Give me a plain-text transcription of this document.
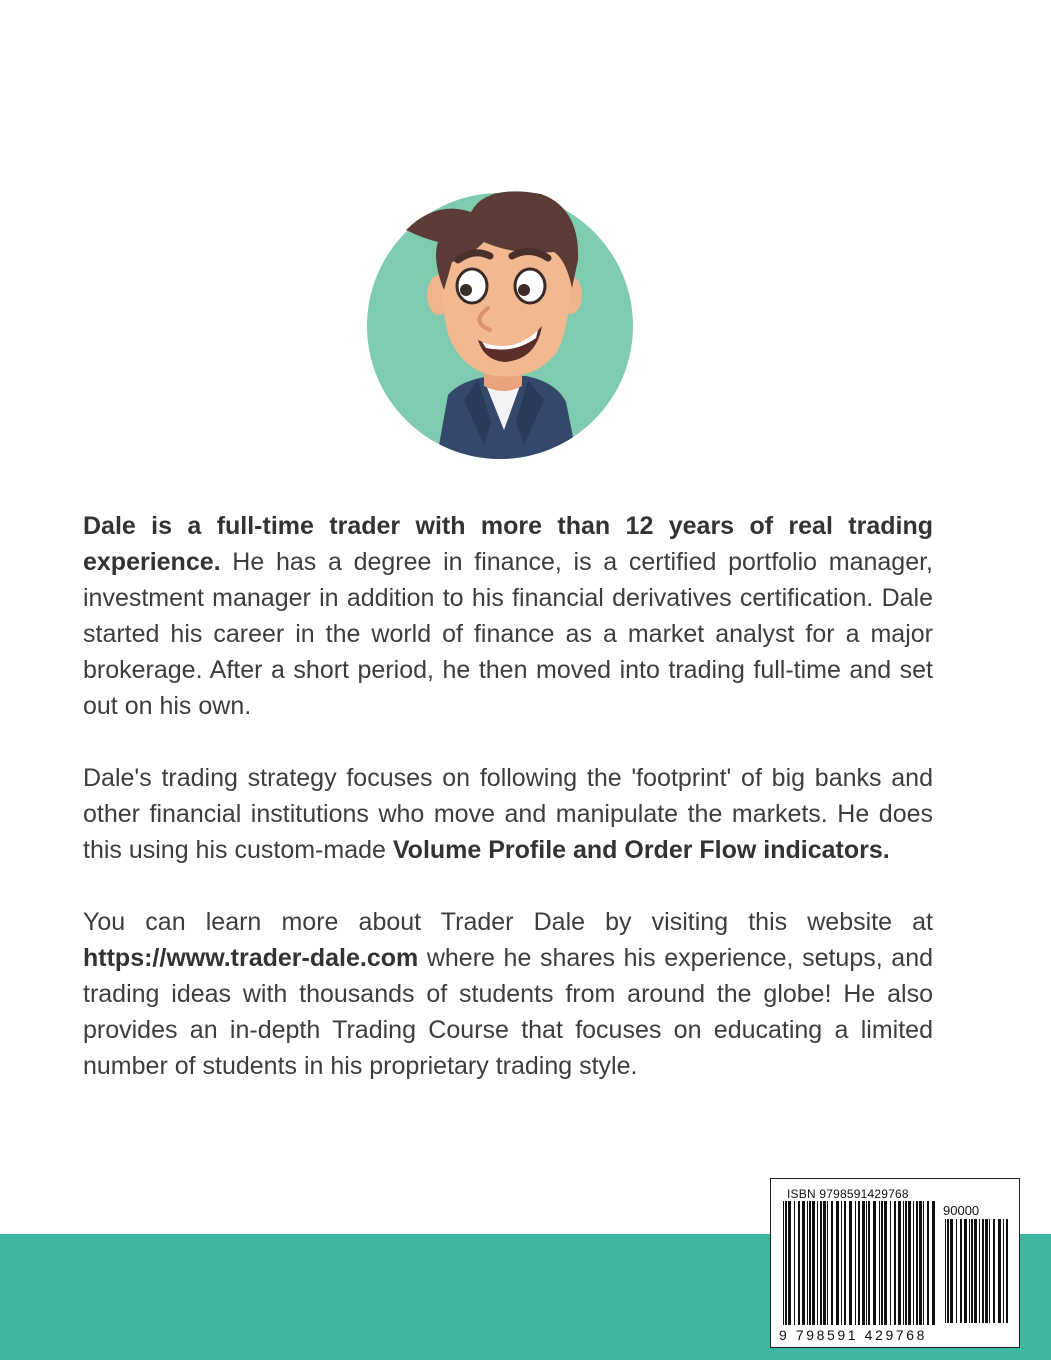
Dale is a full-time trader with more than 12 years of real trading experience. He has a degree in finance, is a certified portfolio manager, investment manager in addition to his financial derivatives certification. Dale started his career in the world of finance as a market analyst for a major brokerage. After a short period, he then moved into trading full-time and set out on his own.

Dale's trading strategy focuses on following the 'footprint' of big banks and other financial institutions who move and manipulate the markets. He does this using his custom-made Volume Profile and Order Flow indicators.

You can learn more about Trader Dale by visiting this website at https://www.trader-dale.com where he shares his experience, setups, and trading ideas with thousands of students from around the globe! He also provides an in-depth Trading Course that focuses on educating a limited number of students in his proprietary trading style.

ISBN 9798591429768
90000
9 798591 429768
